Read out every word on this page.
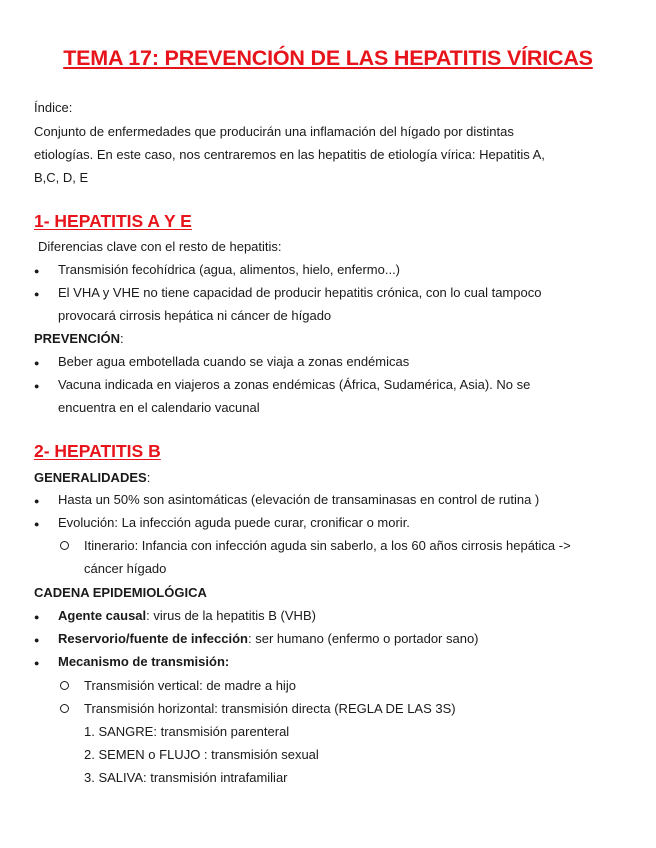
TEMA 17: PREVENCIÓN DE LAS HEPATITIS VÍRICAS
Índice:
Conjunto de enfermedades que producirán una inflamación del hígado por distintas
etiologías. En este caso, nos centraremos en las hepatitis de etiología vírica: Hepatitis A,
B,C, D, E
1- HEPATITIS A Y E
Diferencias clave con el resto de hepatitis:
● Transmisión fecohídrica (agua, alimentos, hielo, enfermo...)
● El VHA y VHE no tiene capacidad de producir hepatitis crónica, con lo cual tampoco
provocará cirrosis hepática ni cáncer de hígado
PREVENCIÓN:
● Beber agua embotellada cuando se viaja a zonas endémicas
● Vacuna indicada en viajeros a zonas endémicas (África, Sudamérica, Asia). No se
encuentra en el calendario vacunal
2- HEPATITIS B
GENERALIDADES:
● Hasta un 50% son asintomáticas (elevación de transaminasas en control de rutina )
● Evolución: La infección aguda puede curar, cronificar o morir.
Itinerario: Infancia con infección aguda sin saberlo, a los 60 años cirrosis hepática ->
cáncer hígado
CADENA EPIDEMIOLÓGICA
● Agente causal: virus de la hepatitis B (VHB)
● Reservorio/fuente de infección: ser humano (enfermo o portador sano)
● Mecanismo de transmisión:
Transmisión vertical: de madre a hijo
Transmisión horizontal: transmisión directa (REGLA DE LAS 3S)
1. SANGRE: transmisión parenteral
2. SEMEN o FLUJO : transmisión sexual
3. SALIVA: transmisión intrafamiliar
